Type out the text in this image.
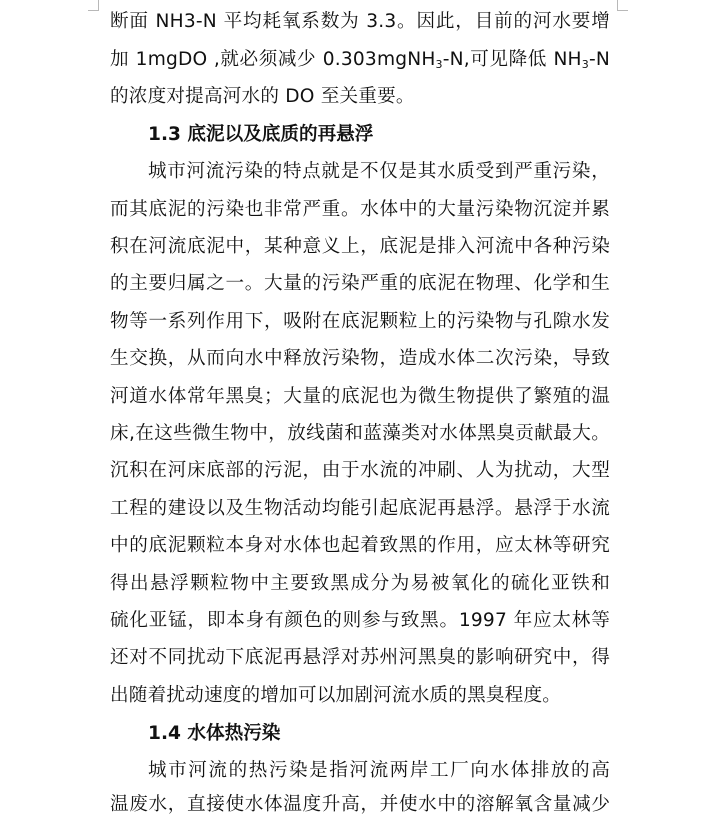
断面 NH3-N 平均耗氧系数为 3.3。因此，目前的河水要增
加 1mgDO ,就必须减少 0.303mgNH$_3$-N,可见降低 $NH_3-N$
的浓度对提高河水的 DO 至关重要。
1.3 底泥以及底质的再悬浮
城市河流污染的特点就是不仅是其水质受到严重污染，
而其底泥的污染也非常严重。水体中的大量污染物沉淀并累
积在河流底泥中，某种意义上，底泥是排入河流中各种污染
的主要归属之一。大量的污染严重的底泥在物理、化学和生
物等一系列作用下，吸附在底泥颗粒上的污染物与孔隙水发
生交换，从而向水中释放污染物，造成水体二次污染，导致
河道水体常年黑臭；大量的底泥也为微生物提供了繁殖的温
床,在这些微生物中，放线菌和蓝藻类对水体黑臭贡献最大。
沉积在河床底部的污泥，由于水流的冲刷、人为扰动，大型
工程的建设以及生物活动均能引起底泥再悬浮。悬浮于水流
中的底泥颗粒本身对水体也起着致黑的作用，应太林等研究
得出悬浮颗粒物中主要致黑成分为易被氧化的硫化亚铁和
硫化亚锰，即本身有颜色的则参与致黑。1997 年应太林等
还对不同扰动下底泥再悬浮对苏州河黑臭的影响研究中，得
出随着扰动速度的增加可以加剧河流水质的黑臭程度。
1.4 水体热污染
城市河流的热污染是指河流两岸工厂向水体排放的高
温废水，直接使水体温度升高，并使水中的溶解氧含量减少
